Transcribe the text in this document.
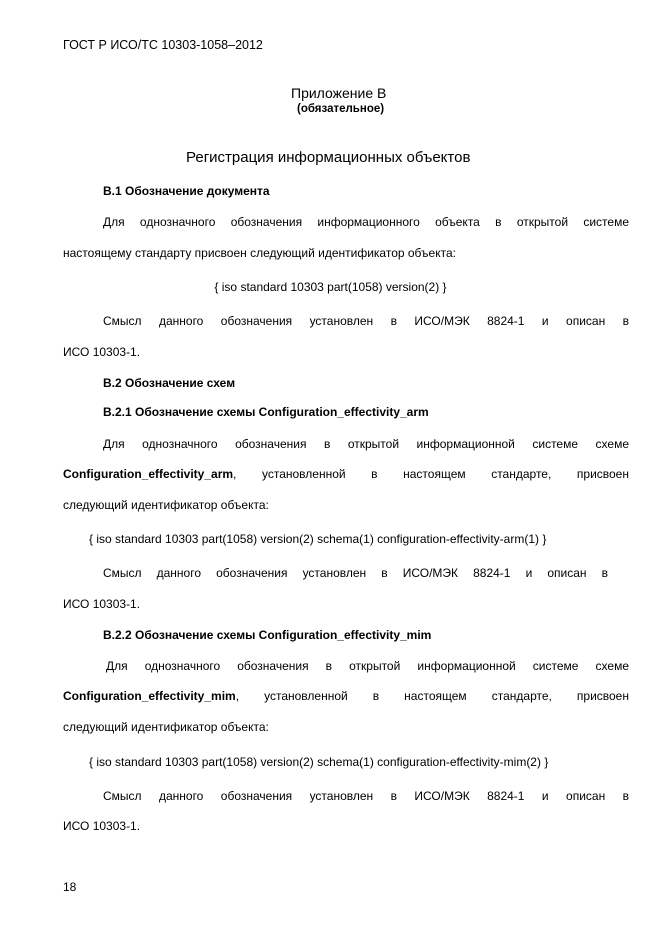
ГОСТ Р ИСО/ТС 10303-1058–2012
Приложение В
(обязательное)
Регистрация информационных объектов
В.1 Обозначение документа
Для однозначного обозначения информационного объекта в открытой системе
настоящему стандарту присвоен следующий идентификатор объекта:
{ iso standard 10303 part(1058) version(2) }
Смысл данного обозначения установлен в ИСО/МЭК 8824-1 и описан в
ИСО 10303-1.
В.2 Обозначение схем
В.2.1 Обозначение схемы Configuration_effectivity_arm
Для однозначного обозначения в открытой информационной системе схеме
Configuration_effectivity_arm , установленной в настоящем стандарте, присвоен
следующий идентификатор объекта:
{ iso standard 10303 part(1058) version(2) schema(1) configuration-effectivity-arm(1) }
Смысл данного обозначения установлен в ИСО/МЭК 8824-1 и описан в
ИСО 10303-1.
В.2.2 Обозначение схемы Configuration_effectivity_mim
Для однозначного обозначения в открытой информационной системе схеме
Configuration_effectivity_mim , установленной в настоящем стандарте, присвоен
следующий идентификатор объекта:
{ iso standard 10303 part(1058) version(2) schema(1) configuration-effectivity-mim(2) }
Смысл данного обозначения установлен в ИСО/МЭК 8824-1 и описан в
ИСО 10303-1.
18
